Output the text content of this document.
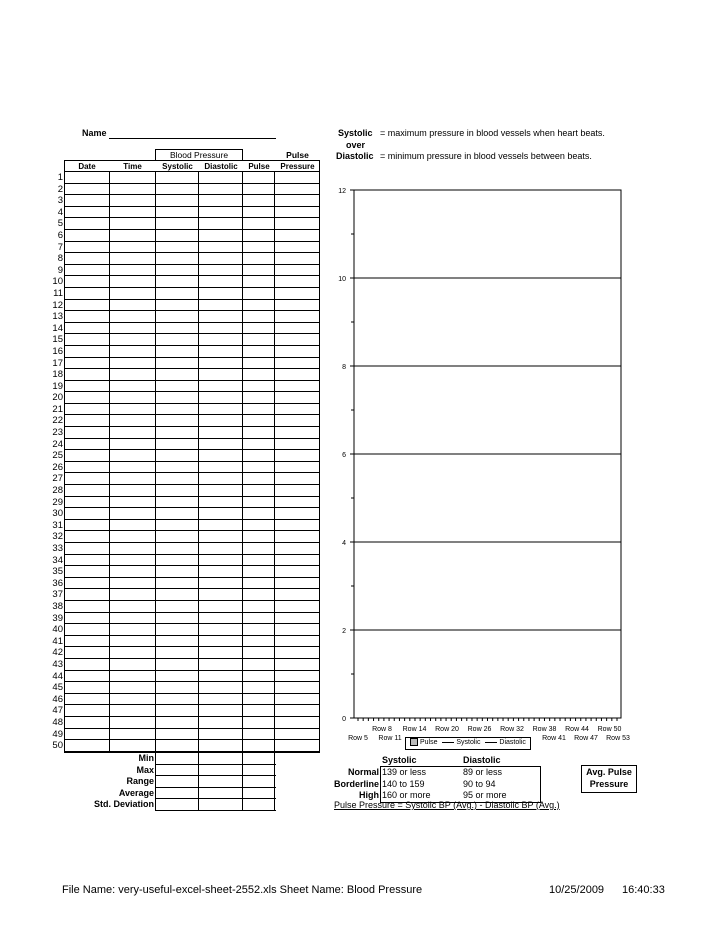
Name	Systolic = maximum pressure in blood vessels when heart beats.
over
Diastolic = minimum pressure in blood vessels between beats.
Blood Pressure	Pulse
Date	Time	Systolic	Diastolic	Pulse	Pressure
1
2
3
4
5
6
7
8
9
10
11
12
13
14
15
16
17
18
19
20
21
22
23
24
25
26
27
28
29
30
31
32
33
34
35
36
37
38
39
40
41
42
43
44
45
46
47
48
49
50
Min
Max
Range
Average
Std. Deviation
0
2
4
6
8
10
12
Row 8 Row 14 Row 20 Row 26 Row 32 Row 38 Row 44 Row 50
Row 5 Row 11	Row 41 Row 47 Row 53
Pulse	Systolic	Diastolic
Systolic	Diastolic
Normal 139 or less	89 or less
Borderline 140 to 159	90 to 94
High 160 or more	95 or more
Pulse Pressure = Systolic BP (Avg.) - Diastolic BP (Avg.)
Avg. Pulse
Pressure
File Name: very-useful-excel-sheet-2552.xls Sheet Name: Blood Pressure	10/25/2009 16:40:33
